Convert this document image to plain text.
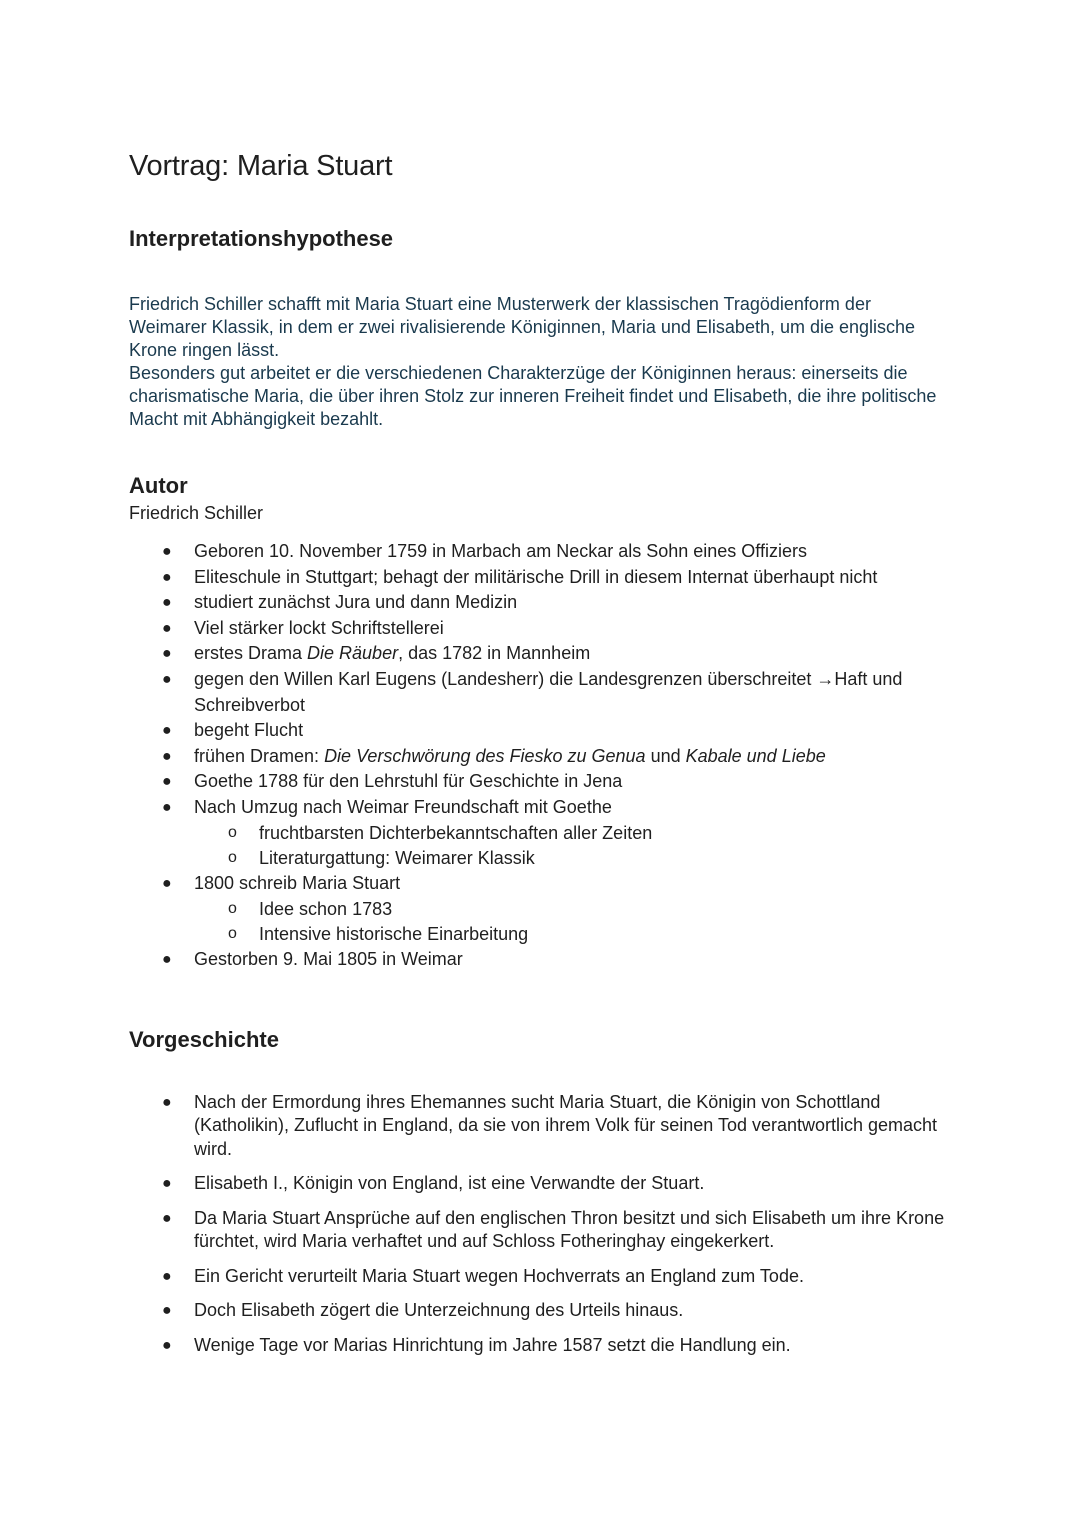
Vortrag: Maria Stuart
Interpretationshypothese

Friedrich Schiller schafft mit Maria Stuart eine Musterwerk der klassischen Tragödienform der Weimarer Klassik, in dem er zwei rivalisierende Königinnen, Maria und Elisabeth, um die englische Krone ringen lässt.

Besonders gut arbeitet er die verschiedenen Charakterzüge der Königinnen heraus: einerseits die charismatische Maria, die über ihren Stolz zur inneren Freiheit findet und Elisabeth, die ihre politische Macht mit Abhängigkeit bezahlt.

Autor
Friedrich Schiller
● Geboren 10. November 1759 in Marbach am Neckar als Sohn eines Offiziers
● Eliteschule in Stuttgart; behagt der militärische Drill in diesem Internat überhaupt nicht
● studiert zunächst Jura und dann Medizin
● Viel stärker lockt Schriftstellerei
● erstes Drama Die Räuber, das 1782 in Mannheim
● gegen den Willen Karl Eugens (Landesherr) die Landesgrenzen überschreitet →Haft und Schreibverbot
● begeht Flucht
● frühen Dramen: Die Verschwörung des Fiesko zu Genua und Kabale und Liebe
● Goethe 1788 für den Lehrstuhl für Geschichte in Jena
● Nach Umzug nach Weimar Freundschaft mit Goethe
o fruchtbarsten Dichterbekanntschaften aller Zeiten
o Literaturgattung: Weimarer Klassik
● 1800 schreib Maria Stuart
o Idee schon 1783
o Intensive historische Einarbeitung
● Gestorben 9. Mai 1805 in Weimar
Vorgeschichte
● Nach der Ermordung ihres Ehemannes sucht Maria Stuart, die Königin von Schottland (Katholikin), Zuflucht in England, da sie von ihrem Volk für seinen Tod verantwortlich gemacht wird.
● Elisabeth I., Königin von England, ist eine Verwandte der Stuart.
● Da Maria Stuart Ansprüche auf den englischen Thron besitzt und sich Elisabeth um ihre Krone fürchtet, wird Maria verhaftet und auf Schloss Fotheringhay eingekerkert.
● Ein Gericht verurteilt Maria Stuart wegen Hochverrats an England zum Tode.
● Doch Elisabeth zögert die Unterzeichnung des Urteils hinaus.
● Wenige Tage vor Marias Hinrichtung im Jahre 1587 setzt die Handlung ein.
